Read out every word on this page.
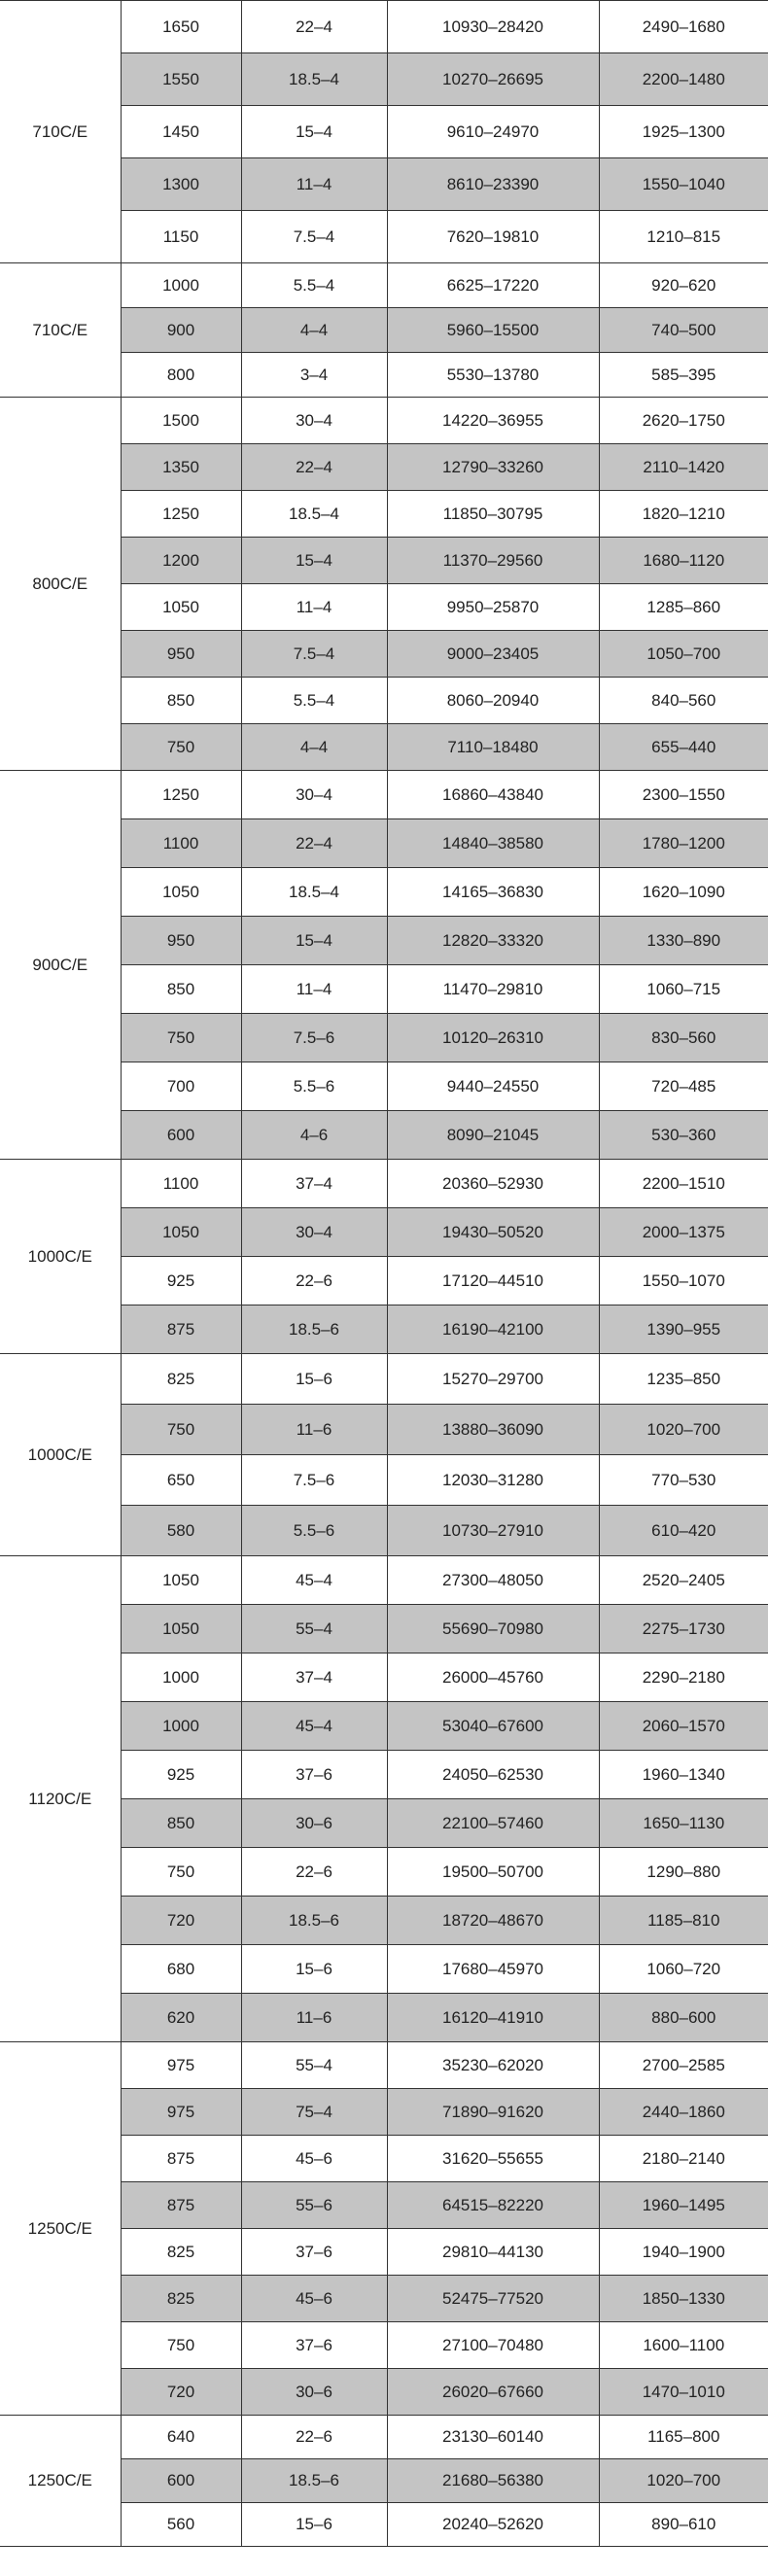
710C/E	1650	22–4	10930–28420	2490–1680
	1550	18.5–4	10270–26695	2200–1480
	1450	15–4	9610–24970	1925–1300
	1300	11–4	8610–23390	1550–1040
	1150	7.5–4	7620–19810	1210–815
710C/E	1000	5.5–4	6625–17220	920–620
	900	4–4	5960–15500	740–500
	800	3–4	5530–13780	585–395
800C/E	1500	30–4	14220–36955	2620–1750
	1350	22–4	12790–33260	2110–1420
	1250	18.5–4	11850–30795	1820–1210
	1200	15–4	11370–29560	1680–1120
	1050	11–4	9950–25870	1285–860
	950	7.5–4	9000–23405	1050–700
	850	5.5–4	8060–20940	840–560
	750	4–4	7110–18480	655–440
900C/E	1250	30–4	16860–43840	2300–1550
	1100	22–4	14840–38580	1780–1200
	1050	18.5–4	14165–36830	1620–1090
	950	15–4	12820–33320	1330–890
	850	11–4	11470–29810	1060–715
	750	7.5–6	10120–26310	830–560
	700	5.5–6	9440–24550	720–485
	600	4–6	8090–21045	530–360
1000C/E	1100	37–4	20360–52930	2200–1510
	1050	30–4	19430–50520	2000–1375
	925	22–6	17120–44510	1550–1070
	875	18.5–6	16190–42100	1390–955
1000C/E	825	15–6	15270–29700	1235–850
	750	11–6	13880–36090	1020–700
	650	7.5–6	12030–31280	770–530
	580	5.5–6	10730–27910	610–420
1120C/E	1050	45–4	27300–48050	2520–2405
	1050	55–4	55690–70980	2275–1730
	1000	37–4	26000–45760	2290–2180
	1000	45–4	53040–67600	2060–1570
	925	37–6	24050–62530	1960–1340
	850	30–6	22100–57460	1650–1130
	750	22–6	19500–50700	1290–880
	720	18.5–6	18720–48670	1185–810
	680	15–6	17680–45970	1060–720
	620	11–6	16120–41910	880–600
1250C/E	975	55–4	35230–62020	2700–2585
	975	75–4	71890–91620	2440–1860
	875	45–6	31620–55655	2180–2140
	875	55–6	64515–82220	1960–1495
	825	37–6	29810–44130	1940–1900
	825	45–6	52475–77520	1850–1330
	750	37–6	27100–70480	1600–1100
	720	30–6	26020–67660	1470–1010
1250C/E	640	22–6	23130–60140	1165–800
	600	18.5–6	21680–56380	1020–700
	560	15–6	20240–52620	890–610
